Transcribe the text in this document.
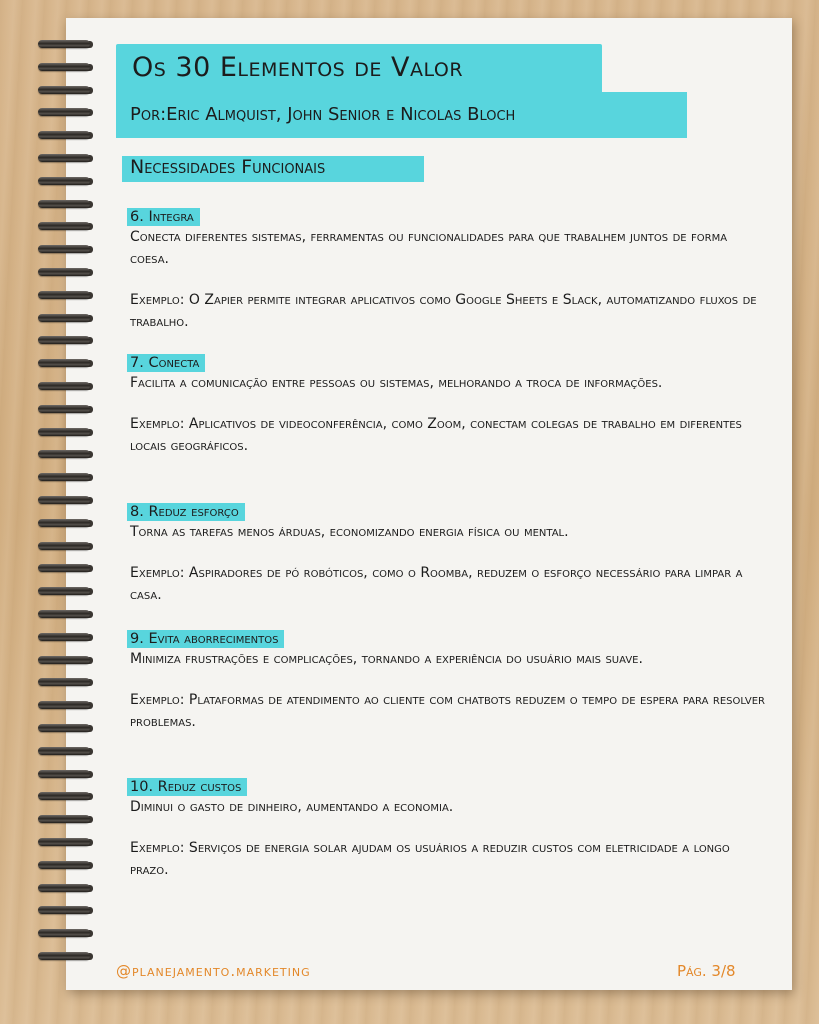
Os 30 Elementos de Valor
Por:Eric Almquist, John Senior e Nicolas Bloch
Necessidades Funcionais
6. Integra

Conecta diferentes sistemas, ferramentas ou funcionalidades para que trabalhem juntos de forma coesa.

Exemplo: O Zapier permite integrar aplicativos como Google Sheets e Slack, automatizando fluxos de trabalho.

7. Conecta

Facilita a comunicação entre pessoas ou sistemas, melhorando a troca de informações.

Exemplo: Aplicativos de videoconferência, como Zoom, conectam colegas de trabalho em diferentes locais geográficos.

8. Reduz esforço

Torna as tarefas menos árduas, economizando energia física ou mental.

Exemplo: Aspiradores de pó robóticos, como o Roomba, reduzem o esforço necessário para limpar a casa.

9. Evita aborrecimentos

Minimiza frustrações e complicações, tornando a experiência do usuário mais suave.

Exemplo: Plataformas de atendimento ao cliente com chatbots reduzem o tempo de espera para resolver problemas.

10. Reduz custos

Diminui o gasto de dinheiro, aumentando a economia.

Exemplo: Serviços de energia solar ajudam os usuários a reduzir custos com eletricidade a longo prazo.

@planejamento.marketing	Pág. 3/8
